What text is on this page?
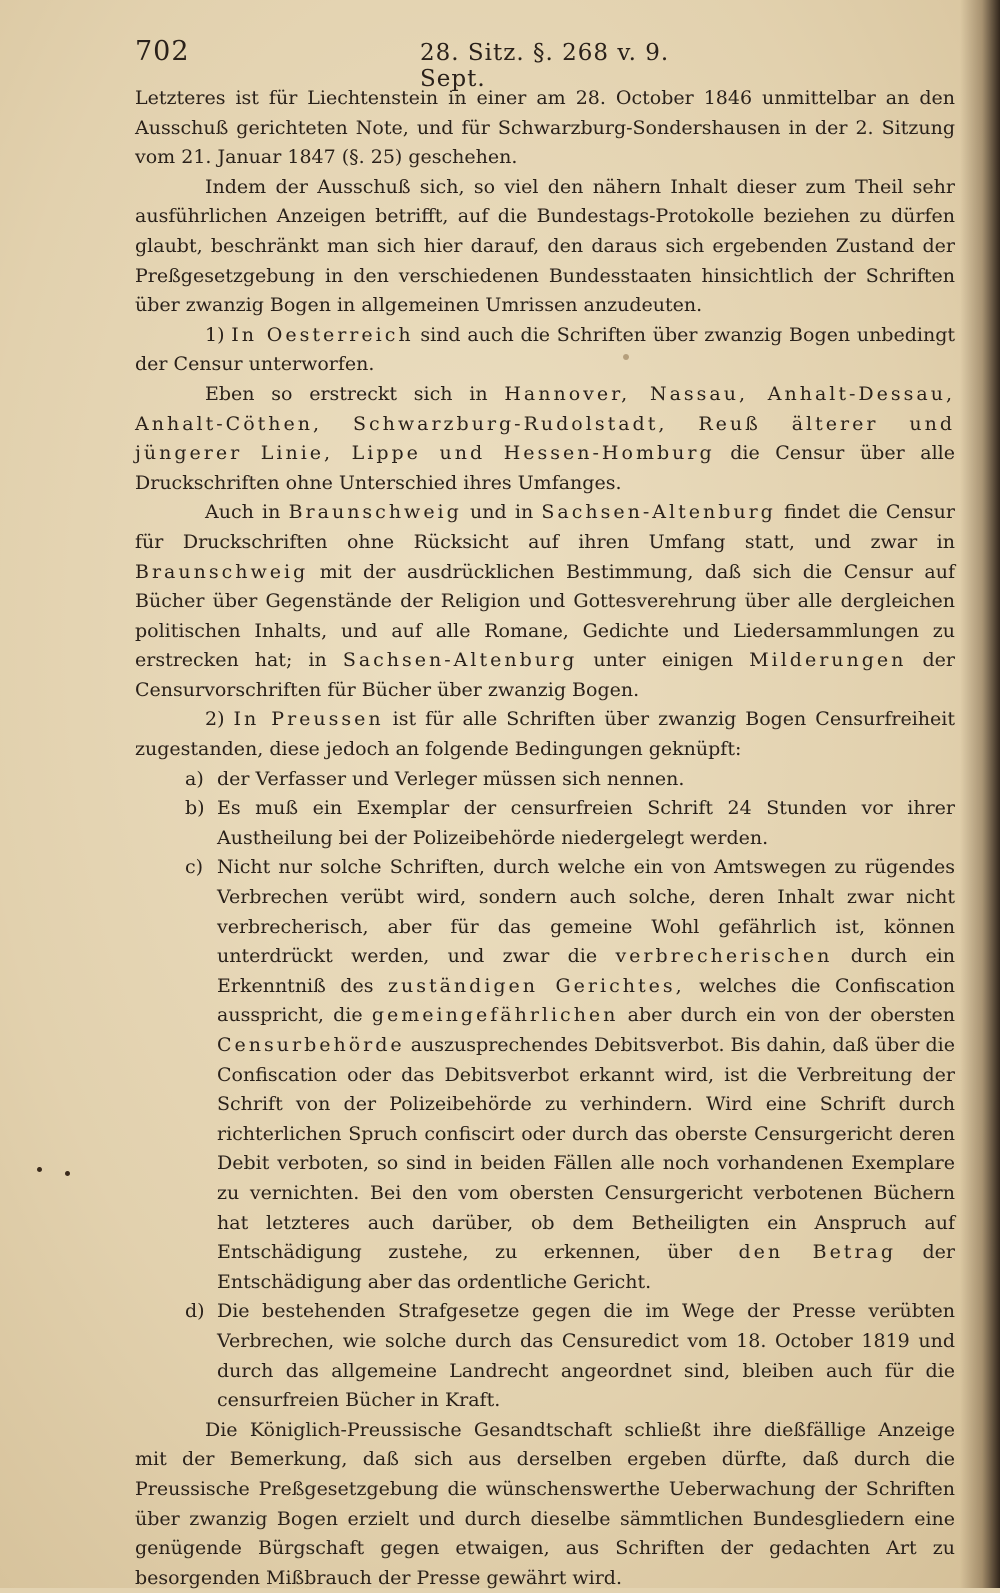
702	28. Sitz. §. 268 v. 9. Sept.

Letzteres ist für Liechtenstein in einer am 28. October 1846 unmittelbar an den Ausschuß gerichteten Note, und für Schwarzburg-Sondershausen in der 2. Sitzung vom 21. Januar 1847 (§. 25) geschehen.

Indem der Ausschuß sich, so viel den nähern Inhalt dieser zum Theil sehr ausführlichen Anzeigen betrifft, auf die Bundestags-Protokolle beziehen zu dürfen glaubt, beschränkt man sich hier darauf, den daraus sich ergebenden Zustand der Preßgesetzgebung in den verschiedenen Bundesstaaten hinsichtlich der Schriften über zwanzig Bogen in allgemeinen Umrissen anzudeuten.

1) In Oesterreich sind auch die Schriften über zwanzig Bogen unbedingt der Censur unterworfen.

Eben so erstreckt sich in Hannover, Nassau, Anhalt-Dessau, Anhalt-Cöthen, Schwarzburg-Rudolstadt, Reuß älterer und jüngerer Linie, Lippe und Hessen-Homburg die Censur über alle Druckschriften ohne Unterschied ihres Umfanges.

Auch in Braunschweig und in Sachsen-Altenburg findet die Censur für Druckschriften ohne Rücksicht auf ihren Umfang statt, und zwar in Braunschweig mit der ausdrücklichen Bestimmung, daß sich die Censur auf Bücher über Gegenstände der Religion und Gottesverehrung über alle dergleichen politischen Inhalts, und auf alle Romane, Gedichte und Liedersammlungen zu erstrecken hat; in Sachsen-Altenburg unter einigen Milderungen der Censurvorschriften für Bücher über zwanzig Bogen.

2) In Preussen ist für alle Schriften über zwanzig Bogen Censurfreiheit zugestanden, diese jedoch an folgende Bedingungen geknüpft:

a) der Verfasser und Verleger müssen sich nennen.
b) Es muß ein Exemplar der censurfreien Schrift 24 Stunden vor ihrer Austheilung bei der Polizeibehörde niedergelegt werden.
c) Nicht nur solche Schriften, durch welche ein von Amtswegen zu rügendes Verbrechen verübt wird, sondern auch solche, deren Inhalt zwar nicht verbrecherisch, aber für das gemeine Wohl gefährlich ist, können unterdrückt werden, und zwar die verbrecherischen durch ein Erkenntniß des zuständigen Gerichtes, welches die Confiscation ausspricht, die gemeingefährlichen aber durch ein von der obersten Censurbehörde auszusprechendes Debitsverbot. Bis dahin, daß über die Confiscation oder das Debitsverbot erkannt wird, ist die Verbreitung der Schrift von der Polizeibehörde zu verhindern. Wird eine Schrift durch richterlichen Spruch confiscirt oder durch das oberste Censurgericht deren Debit verboten, so sind in beiden Fällen alle noch vorhandenen Exemplare zu vernichten. Bei den vom obersten Censurgericht verbotenen Büchern hat letzteres auch darüber, ob dem Betheiligten ein Anspruch auf Entschädigung zustehe, zu erkennen, über den Betrag der Entschädigung aber das ordentliche Gericht.
d) Die bestehenden Strafgesetze gegen die im Wege der Presse verübten Verbrechen, wie solche durch das Censuredict vom 18. October 1819 und durch das allgemeine Landrecht angeordnet sind, bleiben auch für die censurfreien Bücher in Kraft.

Die Königlich-Preussische Gesandtschaft schließt ihre dießfällige Anzeige mit der Bemerkung, daß sich aus derselben ergeben dürfte, daß durch die Preussische Preßgesetzgebung die wünschenswerthe Ueberwachung der Schriften über zwanzig Bogen erzielt und durch dieselbe sämmtlichen Bundesgliedern eine genügende Bürgschaft gegen etwaigen, aus Schriften der gedachten Art zu besorgenden Mißbrauch der Presse gewährt wird.
